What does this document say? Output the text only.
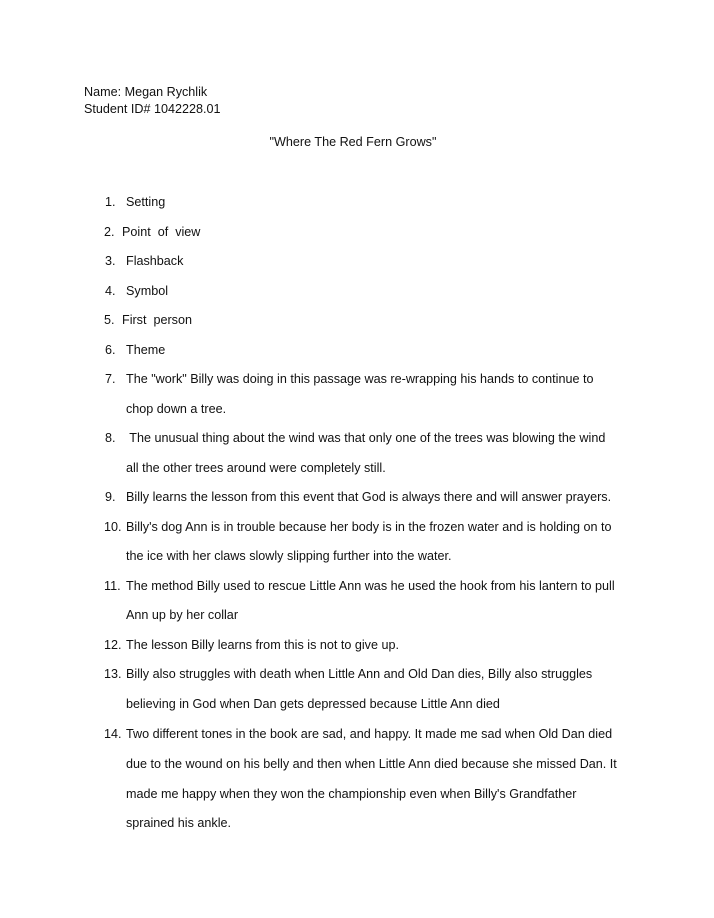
Name: Megan Rychlik
Student ID# 1042228.01
"Where The Red Fern Grows"
1. Setting
2. Point  of  view
3. Flashback
4. Symbol
5. First  person
6. Theme
7. The "work" Billy was doing in this passage was re-wrapping his hands to continue to
chop down a tree.
8. The unusual thing about the wind was that only one of the trees was blowing the wind
all the other trees around were completely still.
9. Billy learns the lesson from this event that God is always there and will answer prayers.
10. Billy's dog Ann is in trouble because her body is in the frozen water and is holding on to
the ice with her claws slowly slipping further into the water.
11. The method Billy used to rescue Little Ann was he used the hook from his lantern to pull
Ann up by her collar
12. The lesson Billy learns from this is not to give up.
13. Billy also struggles with death when Little Ann and Old Dan dies, Billy also struggles
believing in God when Dan gets depressed because Little Ann died
14. Two different tones in the book are sad, and happy. It made me sad when Old Dan died
due to the wound on his belly and then when Little Ann died because she missed Dan. It
made me happy when they won the championship even when Billy's Grandfather
sprained his ankle.
